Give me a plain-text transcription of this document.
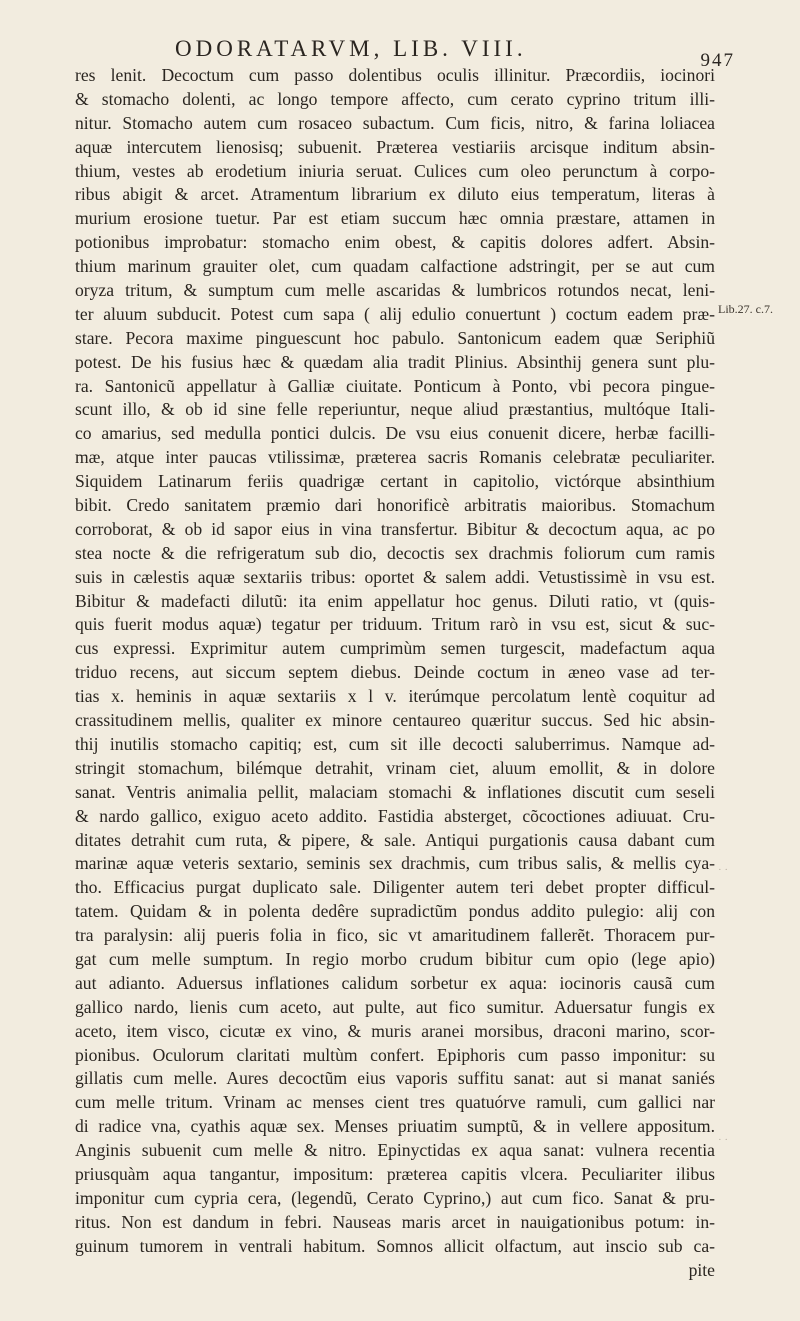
ODORATARVM, LIB. VIII.	947
res lenit. Decoctum cum passo dolentibus oculis illinitur. Præcordiis, iocinori
& stomacho dolenti, ac longo tempore affecto, cum cerato cyprino tritum illi-
nitur. Stomacho autem cum rosaceo subactum. Cum ficis, nitro, & farina loliacea
aquæ intercutem lienosisq; subuenit. Præterea vestiariis arcisque inditum absin-
thium, vestes ab erodetium iniuria seruat. Culices cum oleo perunctum à corpo-
ribus abigit & arcet. Atramentum librarium ex diluto eius temperatum, literas à
murium erosione tuetur. Par est etiam succum hæc omnia præstare, attamen in
potionibus improbatur: stomacho enim obest, & capitis dolores adfert. Absin-
thium marinum grauiter olet, cum quadam calfactione adstringit, per se aut cum
oryza tritum, & sumptum cum melle ascaridas & lumbricos rotundos necat, leni-
ter aluum subducit. Potest cum sapa ( alij edulio conuertunt ) coctum eadem præ-
stare. Pecora maxime pinguescunt hoc pabulo. Santonicum eadem quæ Seriphiũ
potest. De his fusius hæc & quædam alia tradit Plinius. Absinthij genera sunt plu-
ra. Santonicũ appellatur à Galliæ ciuitate. Ponticum à Ponto, vbi pecora pingue-
scunt illo, & ob id sine felle reperiuntur, neque aliud præstantius, multóque Itali-
co amarius, sed medulla pontici dulcis. De vsu eius conuenit dicere, herbæ facilli-
mæ, atque inter paucas vtilissimæ, præterea sacris Romanis celebratæ peculiariter.
Siquidem Latinarum feriis quadrigæ certant in capitolio, victórque absinthium
bibit. Credo sanitatem præmio dari honorificè arbitratis maioribus. Stomachum
corroborat, & ob id sapor eius in vina transfertur. Bibitur & decoctum aqua, ac po
stea nocte & die refrigeratum sub dio, decoctis sex drachmis foliorum cum ramis
suis in cælestis aquæ sextariis tribus: oportet & salem addi. Vetustissimè in vsu est.
Bibitur & madefacti dilutũ: ita enim appellatur hoc genus. Diluti ratio, vt (quis-
quis fuerit modus aquæ) tegatur per triduum. Tritum rarò in vsu est, sicut & suc-
cus expressi. Exprimitur autem cumprimùm semen turgescit, madefactum aqua
triduo recens, aut siccum septem diebus. Deinde coctum in æneo vase ad ter-
tias x. heminis in aquæ sextariis x l v. iterúmque percolatum lentè coquitur ad
crassitudinem mellis, qualiter ex minore centaureo quæritur succus. Sed hic absin-
thij inutilis stomacho capitiq; est, cum sit ille decocti saluberrimus. Namque ad-
stringit stomachum, bilémque detrahit, vrinam ciet, aluum emollit, & in dolore
sanat. Ventris animalia pellit, malaciam stomachi & inflationes discutit cum seseli
& nardo gallico, exiguo aceto addito. Fastidia absterget, cõcoctiones adiuuat. Cru-
ditates detrahit cum ruta, & pipere, & sale. Antiqui purgationis causa dabant cum
marinæ aquæ veteris sextario, seminis sex drachmis, cum tribus salis, & mellis cya-
tho. Efficacius purgat duplicato sale. Diligenter autem teri debet propter difficul-
tatem. Quidam & in polenta dedêre supradictũm pondus addito pulegio: alij con
tra paralysin: alij pueris folia in fico, sic vt amaritudinem fallerẽt. Thoracem pur-
gat cum melle sumptum. In regio morbo crudum bibitur cum opio (lege apio)
aut adianto. Aduersus inflationes calidum sorbetur ex aqua: iocinoris causã cum
gallico nardo, lienis cum aceto, aut pulte, aut fico sumitur. Aduersatur fungis ex
aceto, item visco, cicutæ ex vino, & muris aranei morsibus, draconi marino, scor-
pionibus. Oculorum claritati multùm confert. Epiphoris cum passo imponitur: su
gillatis cum melle. Aures decoctũm eius vaporis suffitu sanat: aut si manat saniés
cum melle tritum. Vrinam ac menses cient tres quatuórve ramuli, cum gallici nar
di radice vna, cyathis aquæ sex. Menses priuatim sumptũ, & in vellere appositum.
Anginis subuenit cum melle & nitro. Epinyctidas ex aqua sanat: vulnera recentia
priusquàm aqua tangantur, impositum: præterea capitis vlcera. Peculiariter ilibus
imponitur cum cypria cera, (legendũ, Cerato Cyprino,) aut cum fico. Sanat & pru-
ritus. Non est dandum in febri. Nauseas maris arcet in nauigationibus potum: in-
guinum tumorem in ventrali habitum. Somnos allicit olfactum, aut inscio sub ca-
pite
Lib.27. c.7.
· ·
· ·
